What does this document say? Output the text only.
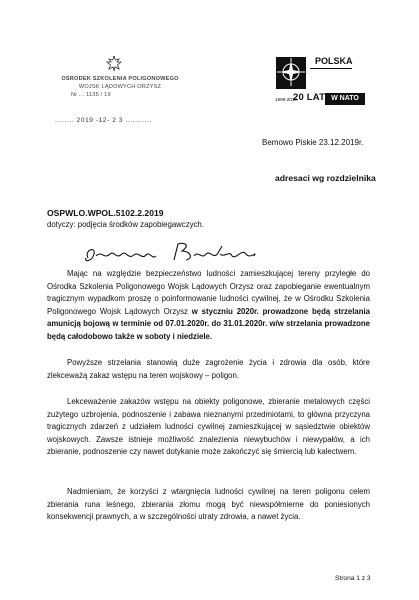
OŚRODEK SZKOLENIA POLIGONOWEGO
WOJSK LĄDOWYCH ORZYSZ
Nr ... 1135 / 19
........ 2019 -12- 2 3 ...........
POLSKA
1999-2019
20 LAT W NATO
Bemowo Piskie 23.12.2019r.
adresaci wg rozdzielnika
OSPWLO.WPOL.5102.2.2019
dotyczy: podjęcia środków zapobiegawczych.

Mając na względzie bezpieczeństwo ludności zamieszkującej tereny przyległe do Ośrodka Szkolenia Poligonowego Wojsk Lądowych Orzysz oraz zapobieganie ewentualnym tragicznym wypadkom proszę o poinformowanie ludności cywilnej, że w Ośrodku Szkolenia Poligonowego Wojsk Lądowych Orzysz w styczniu 2020r. prowadzone będą strzelania amunicją bojową w terminie od 07.01.2020r. do 31.01.2020r. w/w strzelania prowadzone będą całodobowo także w soboty i niedziele.

Powyższe strzelania stanowią duże zagrożenie życia i zdrowia dla osób, które zlekceważą zakaz wstępu na teren wojskowy – poligon.

Lekceważenie zakazów wstępu na obiekty poligonowe, zbieranie metalowych części zużytego uzbrojenia, podnoszenie i zabawa nieznanymi przedmiotami, to główna przyczyna tragicznych zdarzeń z udziałem ludności cywilnej zamieszkującej w sąsiedztwie obiektów wojskowych. Zawsze istnieje możliwość znalezienia niewybuchów i niewypałów, a ich zbieranie, podnoszenie czy nawet dotykanie może zakończyć się śmiercią lub kalectwem.

Nadmieniam, że korzyści z wtargnięcia ludności cywilnej na teren poligonu celem zbierania runa leśnego, zbierania złomu mogą być niewspółmierne do poniesionych konsekwencji prawnych, a w szczególności utraty zdrowia, a nawet życia.

Strona 1 z 3
